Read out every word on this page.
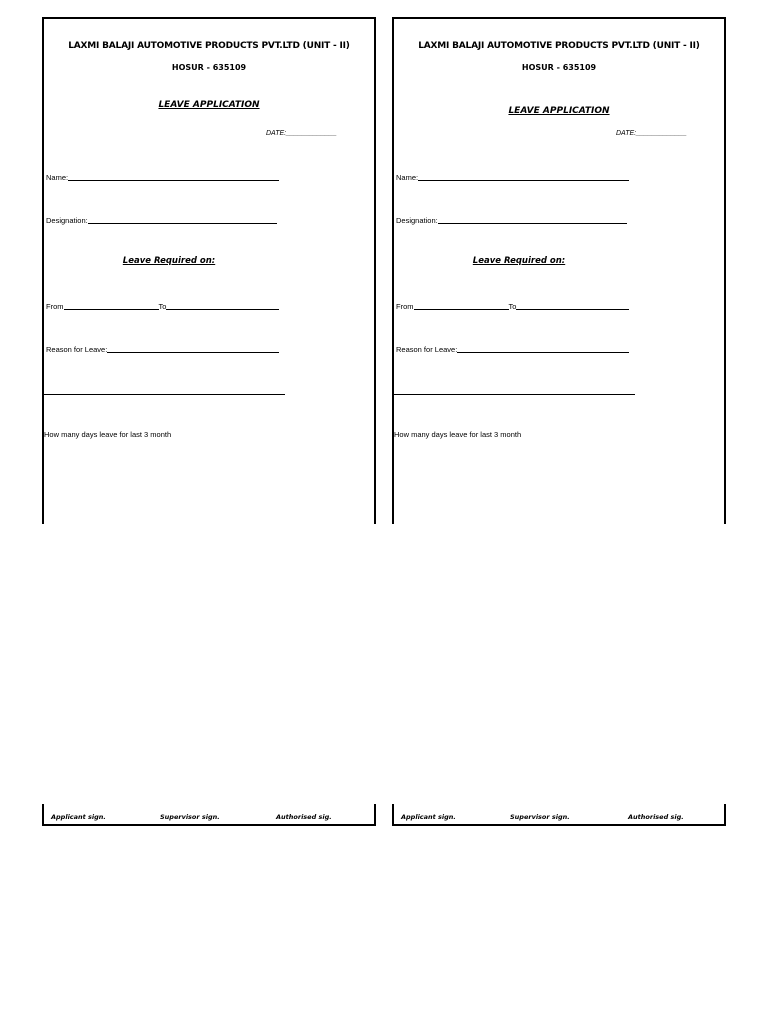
LAXMI BALAJI AUTOMOTIVE PRODUCTS PVT.LTD (UNIT - II)
HOSUR - 635109
LEAVE APPLICATION
DATE:_____________
Name:
Designation:
Leave Required on:
From	To
Reason for Leave:
How many days leave for last 3 month
Applicant sign.	Supervisor sign.	Authorised sig.
LAXMI BALAJI AUTOMOTIVE PRODUCTS PVT.LTD (UNIT - II)
HOSUR - 635109
LEAVE APPLICATION
DATE:_____________
Name:
Designation:
Leave Required on:
From	To
Reason for Leave:
How many days leave for last 3 month
Applicant sign.	Supervisor sign.	Authorised sig.
